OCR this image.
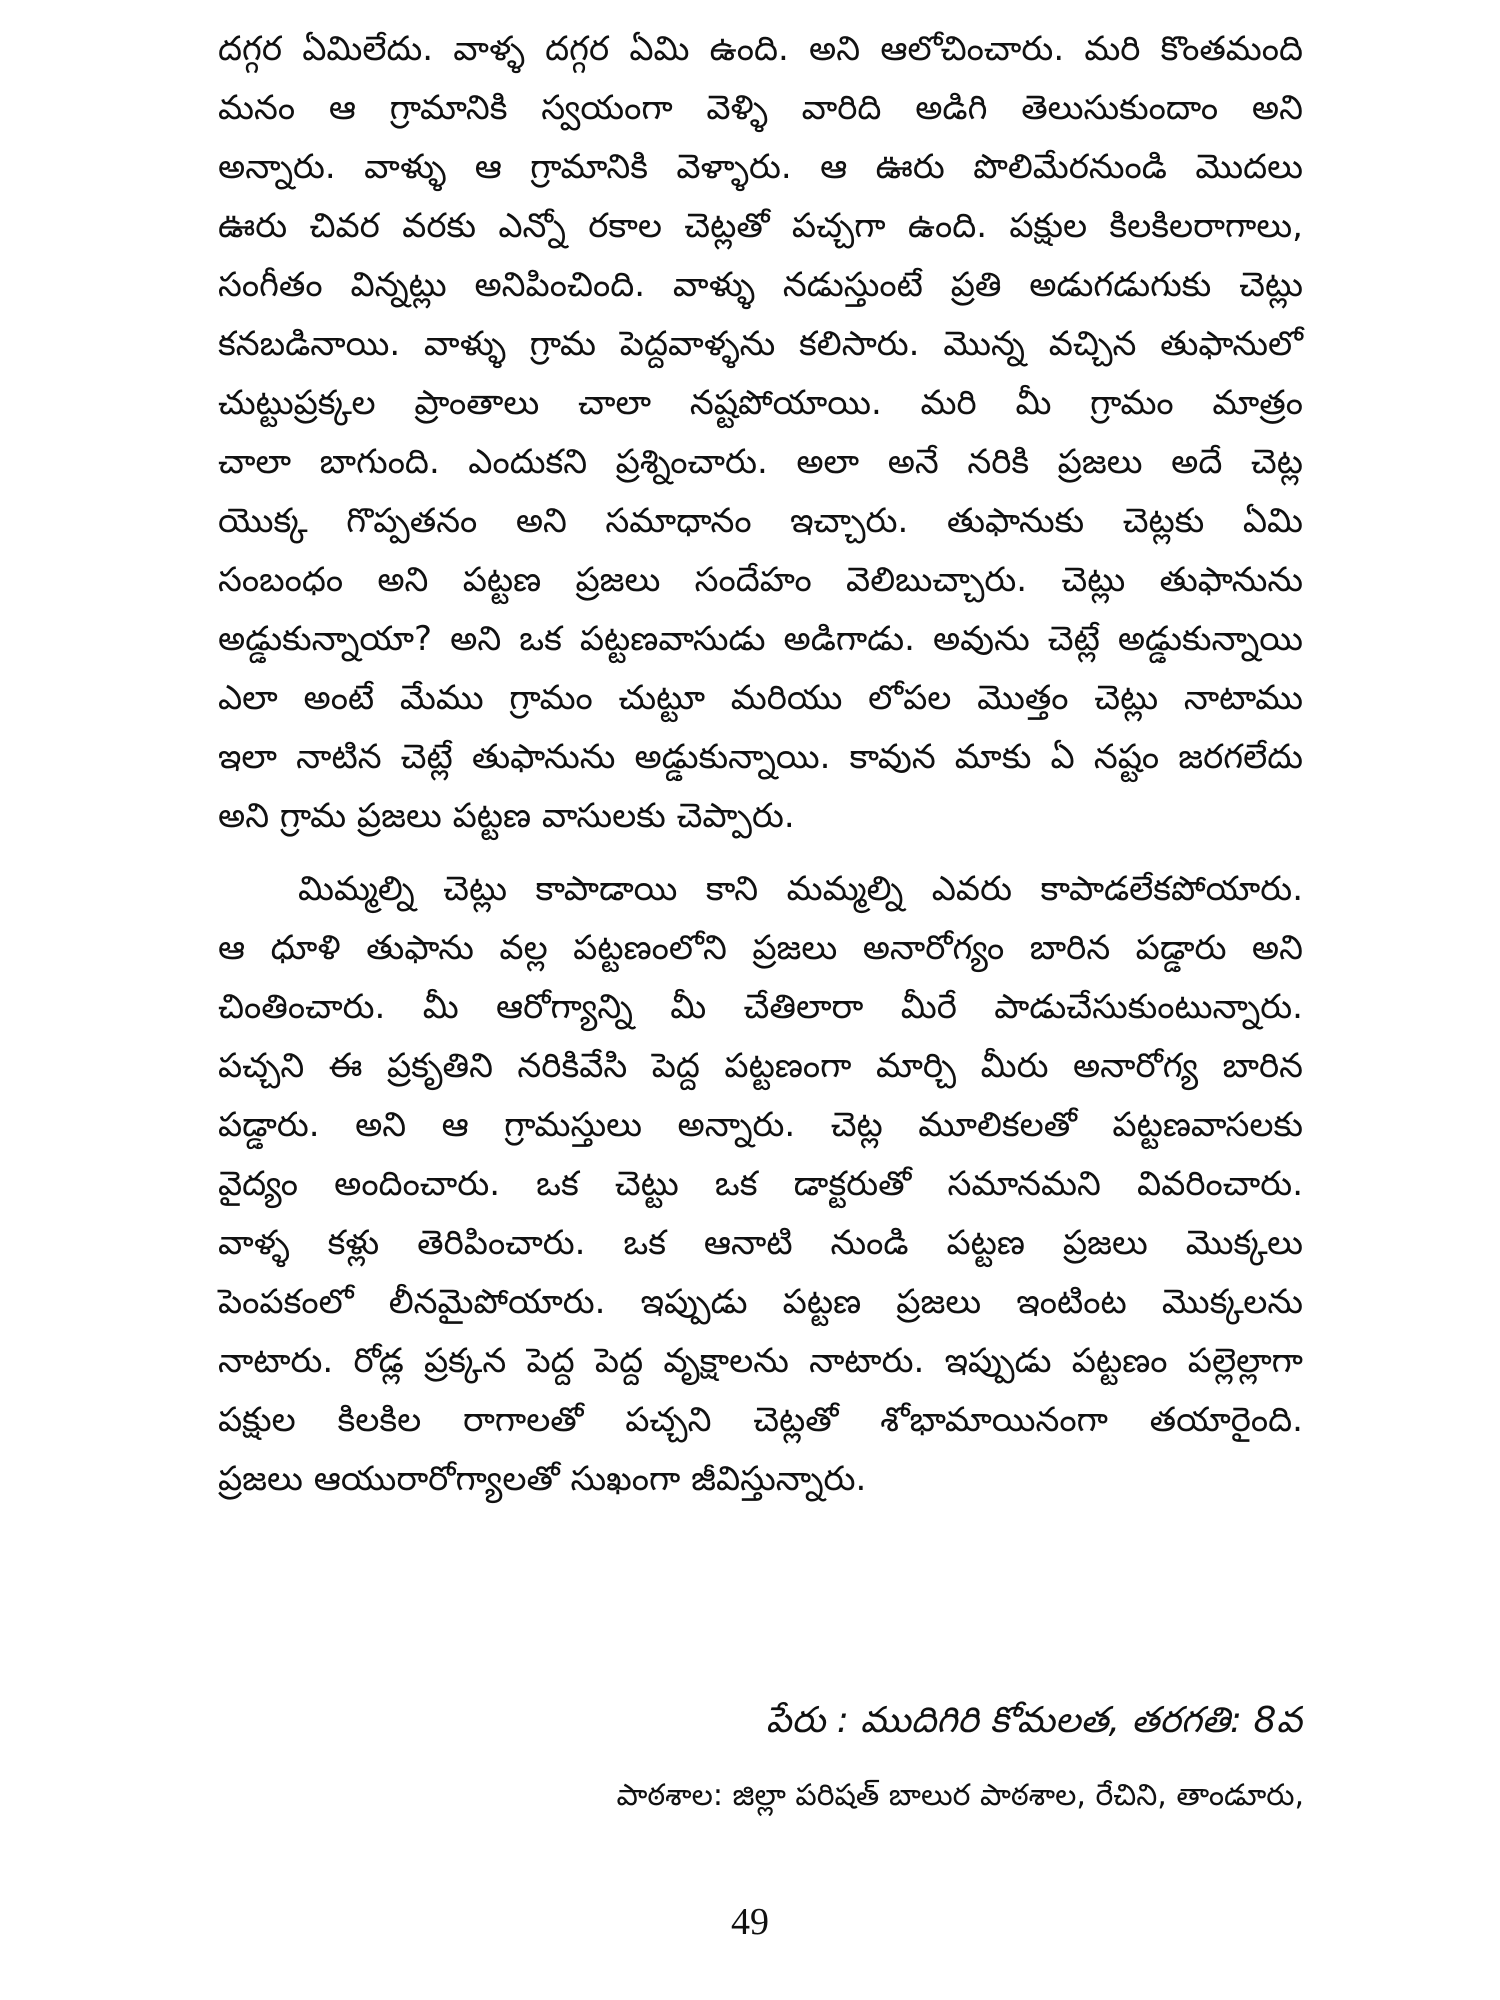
దగ్గర ఏమిలేదు. వాళ్ళ దగ్గర ఏమి ఉంది. అని ఆలోచించారు. మరి కొంతమంది
మనం ఆ గ్రామానికి స్వయంగా వెళ్ళి వారిది అడిగి తెలుసుకుందాం అని
అన్నారు. వాళ్ళు ఆ గ్రామానికి వెళ్ళారు. ఆ ఊరు పొలిమేరనుండి మొదలు
ఊరు చివర వరకు ఎన్నో రకాల చెట్లతో పచ్చగా ఉంది. పక్షుల కిలకిలరాగాలు,
సంగీతం విన్నట్లు అనిపించింది. వాళ్ళు నడుస్తుంటే ప్రతి అడుగడుగుకు చెట్లు
కనబడినాయి. వాళ్ళు గ్రామ పెద్దవాళ్ళను కలిసారు. మొన్న వచ్చిన తుఫానులో
చుట్టుప్రక్కల ప్రాంతాలు చాలా నష్టపోయాయి. మరి మీ గ్రామం మాత్రం
చాలా బాగుంది. ఎందుకని ప్రశ్నించారు. అలా అనే నరికి ప్రజలు అదే చెట్ల
యొక్క గొప్పతనం అని సమాధానం ఇచ్చారు. తుఫానుకు చెట్లకు ఏమి
సంబంధం అని పట్టణ ప్రజలు సందేహం వెలిబుచ్చారు. చెట్లు తుఫానును
అడ్డుకున్నాయా? అని ఒక పట్టణవాసుడు అడిగాడు. అవును చెట్లే అడ్డుకున్నాయి
ఎలా అంటే మేము గ్రామం చుట్టూ మరియు లోపల మొత్తం చెట్లు నాటాము
ఇలా నాటిన చెట్లే తుఫానును అడ్డుకున్నాయి. కావున మాకు ఏ నష్టం జరగలేదు
అని గ్రామ ప్రజలు పట్టణ వాసులకు చెప్పారు.
మిమ్మల్ని చెట్లు కాపాడాయి కాని మమ్మల్ని ఎవరు కాపాడలేకపోయారు.
ఆ ధూళి తుఫాను వల్ల పట్టణంలోని ప్రజలు అనారోగ్యం బారిన పడ్డారు అని
చింతించారు. మీ ఆరోగ్యాన్ని మీ చేతిలారా మీరే పాడుచేసుకుంటున్నారు.
పచ్చని ఈ ప్రకృతిని నరికివేసి పెద్ద పట్టణంగా మార్చి మీరు అనారోగ్య బారిన
పడ్డారు. అని ఆ గ్రామస్తులు అన్నారు. చెట్ల మూలికలతో పట్టణవాసలకు
వైద్యం అందించారు. ఒక చెట్టు ఒక డాక్టరుతో సమానమని వివరించారు.
వాళ్ళ కళ్లు తెరిపించారు. ఒక ఆనాటి నుండి పట్టణ ప్రజలు మొక్కలు
పెంపకంలో లీనమైపోయారు. ఇప్పుడు పట్టణ ప్రజలు ఇంటింట మొక్కలను
నాటారు. రోడ్ల ప్రక్కన పెద్ద పెద్ద వృక్షాలను నాటారు. ఇప్పుడు పట్టణం పల్లెల్లాగా
పక్షుల కిలకిల రాగాలతో పచ్చని చెట్లతో శోభామాయినంగా తయారైంది.
ప్రజలు ఆయురారోగ్యాలతో సుఖంగా జీవిస్తున్నారు.
పేరు : ముదిగిరి కోమలత, తరగతి: 8వ
పాఠశాల: జిల్లా పరిషత్ బాలుర పాఠశాల, రేచిని, తాండూరు,
49
